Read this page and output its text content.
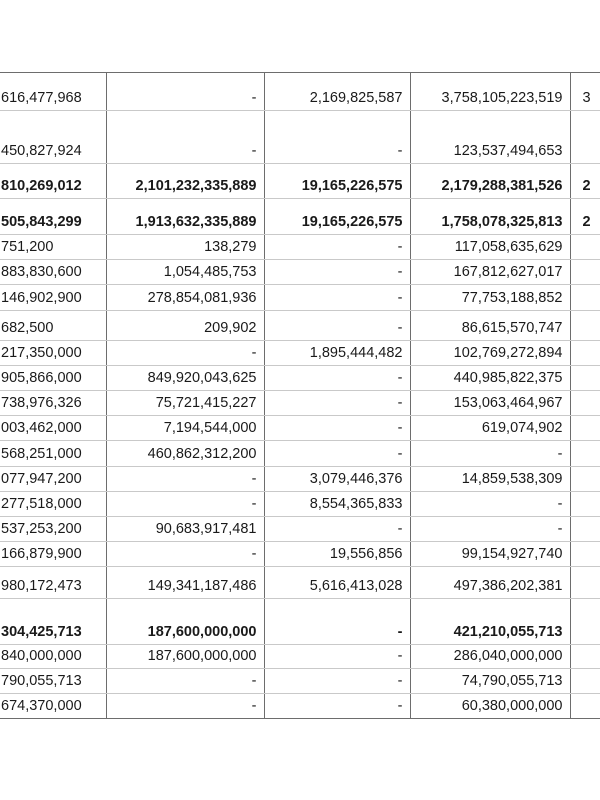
616,477,968	-	2,169,825,587	3,758,105,223,519	3
450,827,924	-	-	123,537,494,653	
810,269,012	2,101,232,335,889	19,165,226,575	2,179,288,381,526	2
505,843,299	1,913,632,335,889	19,165,226,575	1,758,078,325,813	2
751,200	138,279	-	117,058,635,629	
883,830,600	1,054,485,753	-	167,812,627,017	
146,902,900	278,854,081,936	-	77,753,188,852	
682,500	209,902	-	86,615,570,747	
217,350,000	-	1,895,444,482	102,769,272,894	
905,866,000	849,920,043,625	-	440,985,822,375	
738,976,326	75,721,415,227	-	153,063,464,967	
003,462,000	7,194,544,000	-	619,074,902	
568,251,000	460,862,312,200	-	-	
077,947,200	-	3,079,446,376	14,859,538,309	
277,518,000	-	8,554,365,833	-	
537,253,200	90,683,917,481	-	-	
166,879,900	-	19,556,856	99,154,927,740	
980,172,473	149,341,187,486	5,616,413,028	497,386,202,381	
304,425,713	187,600,000,000	-	421,210,055,713	
840,000,000	187,600,000,000	-	286,040,000,000	
790,055,713	-	-	74,790,055,713	
674,370,000	-	-	60,380,000,000	
